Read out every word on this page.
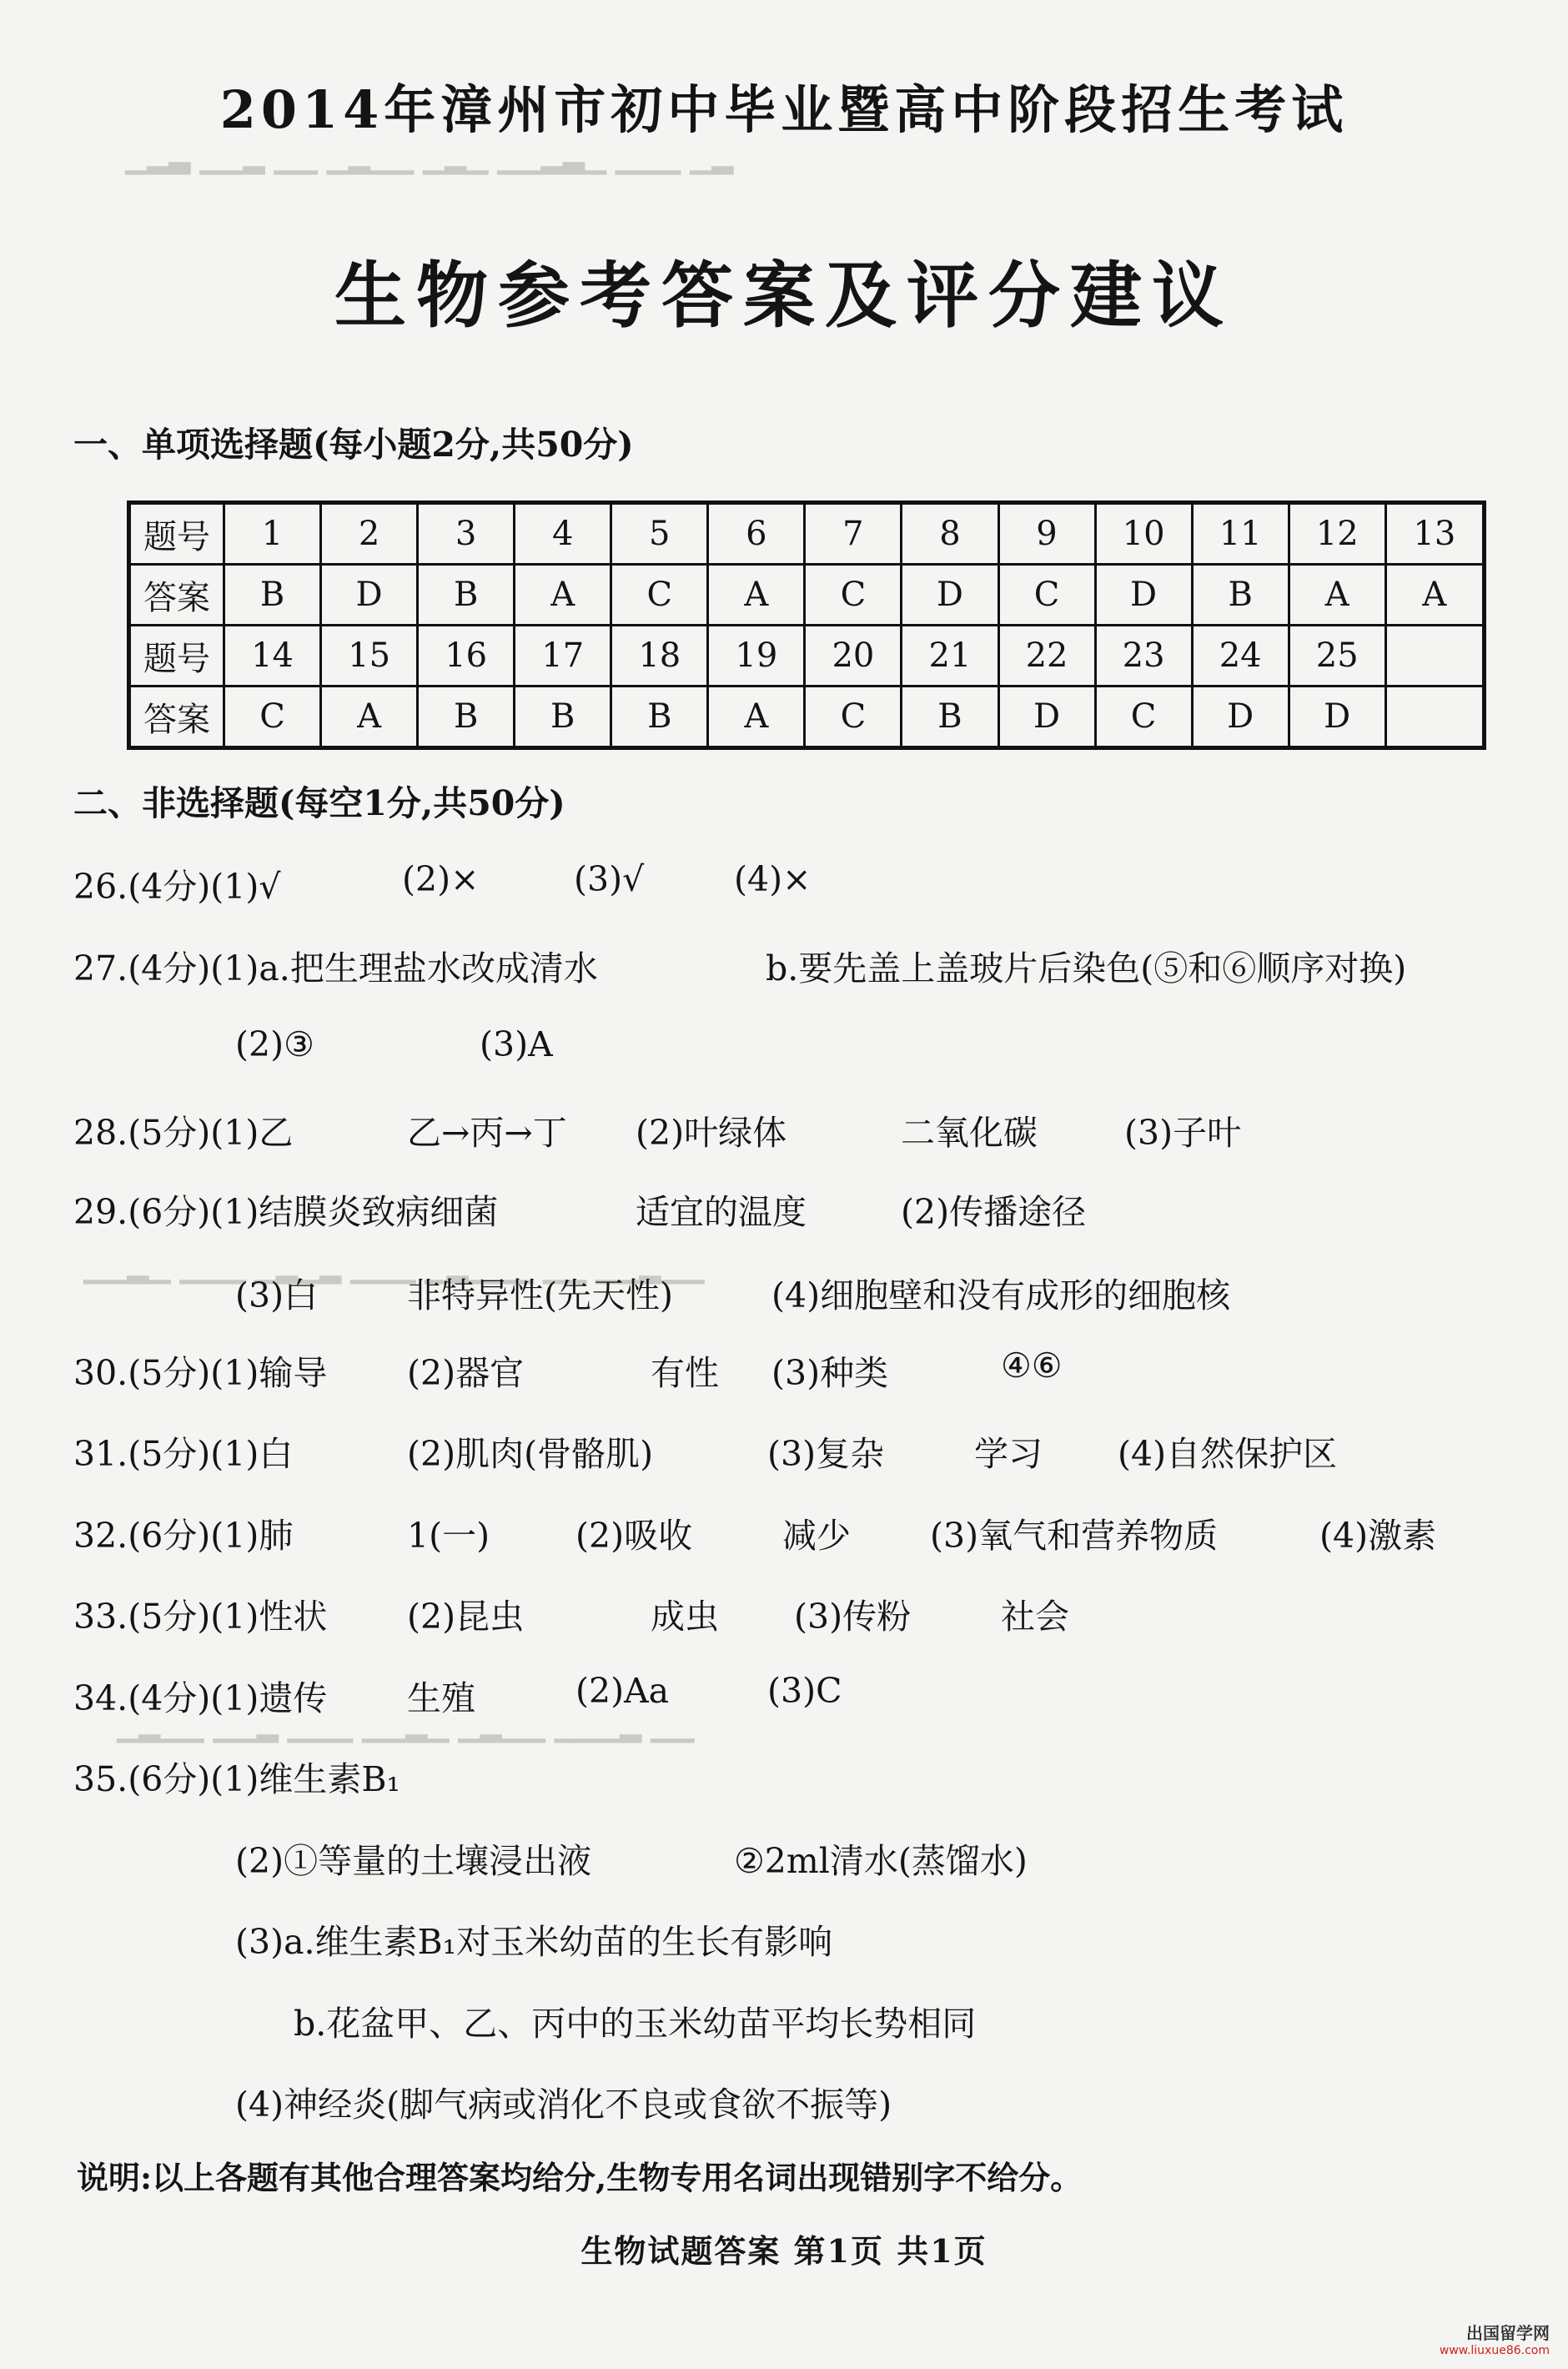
▁▂▃ ▁▁▂ ▁▁ ▁▂▁▁ ▁▂▁ ▁▁▂▃▁ ▁▁▁ ▁▂
▁▁▂▁ ▁▁▁ ▁▂▁▂ ▁▁▁ ▁▂▁▁▁ ▁▁ ▁▁▂▁▁
▁▂▁▁ ▁▁▂ ▁▁▁ ▁▁▂▁ ▁▂▁▁ ▁▁▁▂ ▁▁
2014年漳州市初中毕业暨高中阶段招生考试
生物参考答案及评分建议
一、单项选择题(每小题2分,共50分)
题号	1	2	3	4	5	6	7	8	9	10	11	12	13
答案	B	D	B	A	C	A	C	D	C	D	B	A	A
题号	14	15	16	17	18	19	20	21	22	23	24	25	
答案	C	A	B	B	B	A	C	B	D	C	D	D	
二、非选择题(每空1分,共50分)
26.(4分)(1)√	(2)×	(3)√	(4)×
27.(4分)(1)a.把生理盐水改成清水	b.要先盖上盖玻片后染色(⑤和⑥顺序对换)
(2)③	(3)A
28.(5分)(1)乙	乙→丙→丁 (2)叶绿体	二氧化碳	(3)子叶
29.(6分)(1)结膜炎致病细菌	适宜的温度	(2)传播途径
(3)白	非特异性(先天性)	(4)细胞壁和没有成形的细胞核
30.(5分)(1)输导 (2)器官	有性 (3)种类	④⑥
31.(5分)(1)白	(2)肌肉(骨骼肌)	(3)复杂	学习 (4)自然保护区
32.(6分)(1)肺	1(一)	(2)吸收	减少 (3)氧气和营养物质	(4)激素
33.(5分)(1)性状 (2)昆虫	成虫 (3)传粉	社会
34.(4分)(1)遗传 生殖	(2)Aa	(3)C
35.(6分)(1)维生素B₁
(2)①等量的土壤浸出液	②2ml清水(蒸馏水)
(3)a.维生素B₁对玉米幼苗的生长有影响
b.花盆甲、乙、丙中的玉米幼苗平均长势相同
(4)神经炎(脚气病或消化不良或食欲不振等)
说明:以上各题有其他合理答案均给分,生物专用名词出现错别字不给分。
生物试题答案 第1页 共1页
出国留学网
www.liuxue86.com
